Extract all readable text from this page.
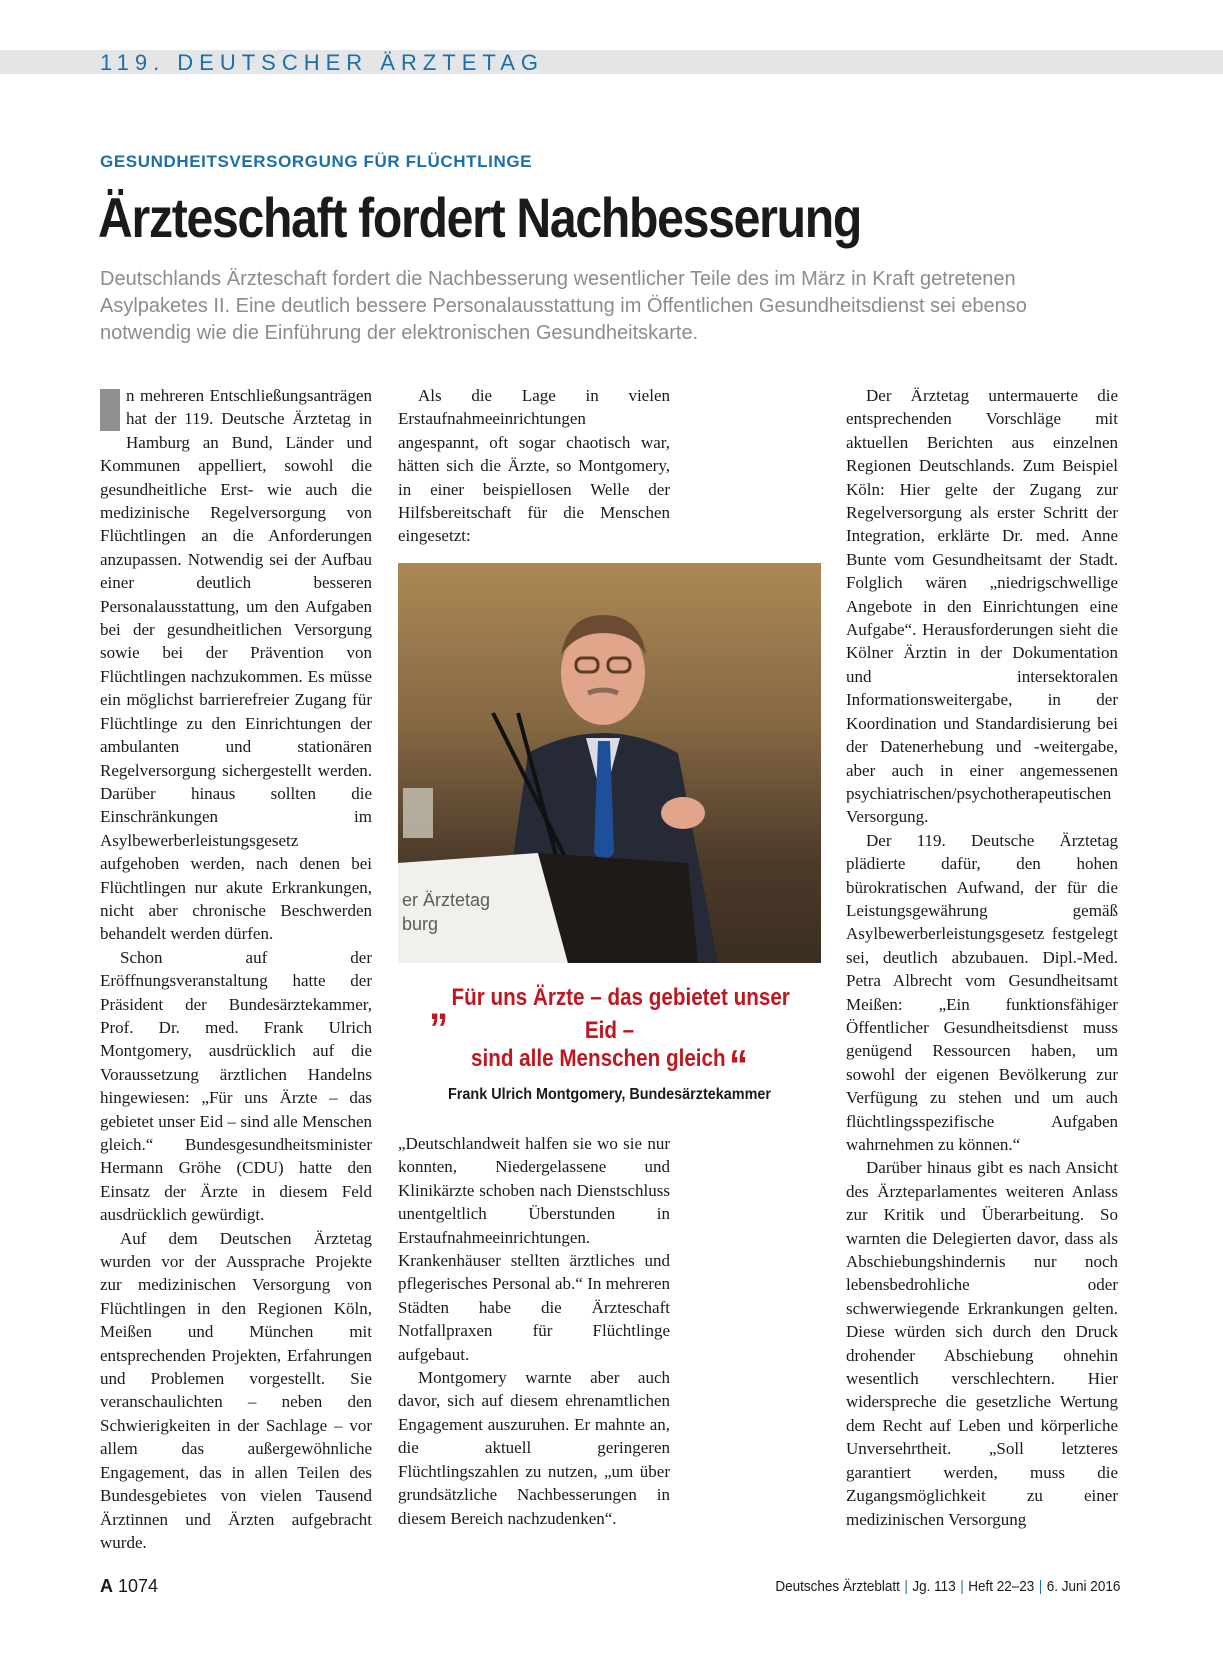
119. DEUTSCHER ÄRZTETAG
GESUNDHEITSVERSORGUNG FÜR FLÜCHTLINGE
Ärzteschaft fordert Nachbesserung

Deutschlands Ärzteschaft fordert die Nachbesserung wesentlicher Teile des im März in Kraft getretenen Asylpaketes II. Eine deutlich bessere Personalausstattung im Öffentlichen Gesundheitsdienst sei ebenso notwendig wie die Einführung der elektronischen Gesundheitskarte.

n mehreren Entschließungsanträgen hat der 119. Deutsche Ärztetag in Hamburg an Bund, Länder und Kommunen appelliert, sowohl die gesundheitliche Erst- wie auch die medizinische Regelversorgung von Flüchtlingen an die Anforderungen anzupassen. Notwendig sei der Aufbau einer deutlich besseren Personalausstattung, um den Aufgaben bei der gesundheitlichen Versorgung sowie bei der Prävention von Flüchtlingen nachzukommen. Es müsse ein möglichst barrierefreier Zugang für Flüchtlinge zu den Einrichtungen der ambulanten und stationären Regelversorgung sichergestellt werden. Darüber hinaus sollten die Einschränkungen im Asylbewerberleistungsgesetz aufgehoben werden, nach denen bei Flüchtlingen nur akute Erkrankungen, nicht aber chronische Beschwerden behandelt werden dürfen.

Schon auf der Eröffnungsveranstaltung hatte der Präsident der Bundesärztekammer, Prof. Dr. med. Frank Ulrich Montgomery, ausdrücklich auf die Voraussetzung ärztlichen Handelns hingewiesen: „Für uns Ärzte – das gebietet unser Eid – sind alle Menschen gleich.“ Bundesgesundheitsminister Hermann Gröhe (CDU) hatte den Einsatz der Ärzte in diesem Feld ausdrücklich gewürdigt.

Auf dem Deutschen Ärztetag wurden vor der Aussprache Projekte zur medizinischen Versorgung von Flüchtlingen in den Regionen Köln, Meißen und München mit entsprechenden Projekten, Erfahrungen und Problemen vorgestellt. Sie veranschaulichten – neben den Schwierigkeiten in der Sachlage – vor allem das außergewöhnliche Engagement, das in allen Teilen des Bundesgebietes von vielen Tausend Ärztinnen und Ärzten aufgebracht wurde.

Als die Lage in vielen Erstaufnahmeeinrichtungen angespannt, oft sogar chaotisch war, hätten sich die Ärzte, so Montgomery, in einer beispiellosen Welle der Hilfsbereitschaft für die Menschen eingesetzt:

er Ärztetag
burg
„ Für uns Ärzte – das gebietet unser Eid –
sind alle Menschen gleich “
Frank Ulrich Montgomery, Bundesärztekammer

„Deutschlandweit halfen sie wo sie nur konnten, Niedergelassene und Klinikärzte schoben nach Dienstschluss unentgeltlich Überstunden in Erstaufnahmeeinrichtungen. Krankenhäuser stellten ärztliches und pflegerisches Personal ab.“ In mehreren Städten habe die Ärzteschaft Notfallpraxen für Flüchtlinge aufgebaut.

Montgomery warnte aber auch davor, sich auf diesem ehrenamtlichen Engagement auszuruhen. Er mahnte an, die aktuell geringeren Flüchtlingszahlen zu nutzen, „um über grundsätzliche Nachbesserungen in diesem Bereich nachzudenken“.

Der Ärztetag untermauerte die entsprechenden Vorschläge mit aktuellen Berichten aus einzelnen Regionen Deutschlands. Zum Beispiel Köln: Hier gelte der Zugang zur Regelversorgung als erster Schritt der Integration, erklärte Dr. med. Anne Bunte vom Gesundheitsamt der Stadt. Folglich wären „niedrigschwellige Angebote in den Einrichtungen eine Aufgabe“. Herausforderungen sieht die Kölner Ärztin in der Dokumentation und intersektoralen Informationsweitergabe, in der Koordination und Standardisierung bei der Datenerhebung und -weitergabe, aber auch in einer angemessenen psychiatrischen/psychotherapeutischen Versorgung.

Der 119. Deutsche Ärztetag plädierte dafür, den hohen bürokratischen Aufwand, der für die Leistungsgewährung gemäß Asylbewerberleistungsgesetz festgelegt sei, deutlich abzubauen. Dipl.-Med. Petra Albrecht vom Gesundheitsamt Meißen: „Ein funktionsfähiger Öffentlicher Gesundheitsdienst muss genügend Ressourcen haben, um sowohl der eigenen Bevölkerung zur Verfügung zu stehen und um auch flüchtlingsspezifische Aufgaben wahrnehmen zu können.“

Darüber hinaus gibt es nach Ansicht des Ärzteparlamentes weiteren Anlass zur Kritik und Überarbeitung. So warnten die Delegierten davor, dass als Abschiebungshindernis nur noch lebensbedrohliche oder schwerwiegende Erkrankungen gelten. Diese würden sich durch den Druck drohender Abschiebung ohnehin wesentlich verschlechtern. Hier widerspreche die gesetzliche Wertung dem Recht auf Leben und körperliche Unversehrtheit. „Soll letzteres garantiert werden, muss die Zugangsmöglichkeit zu einer medizinischen Versorgung

A 1074	Deutsches Ärzteblatt | Jg. 113 | Heft 22–23 | 6. Juni 2016
